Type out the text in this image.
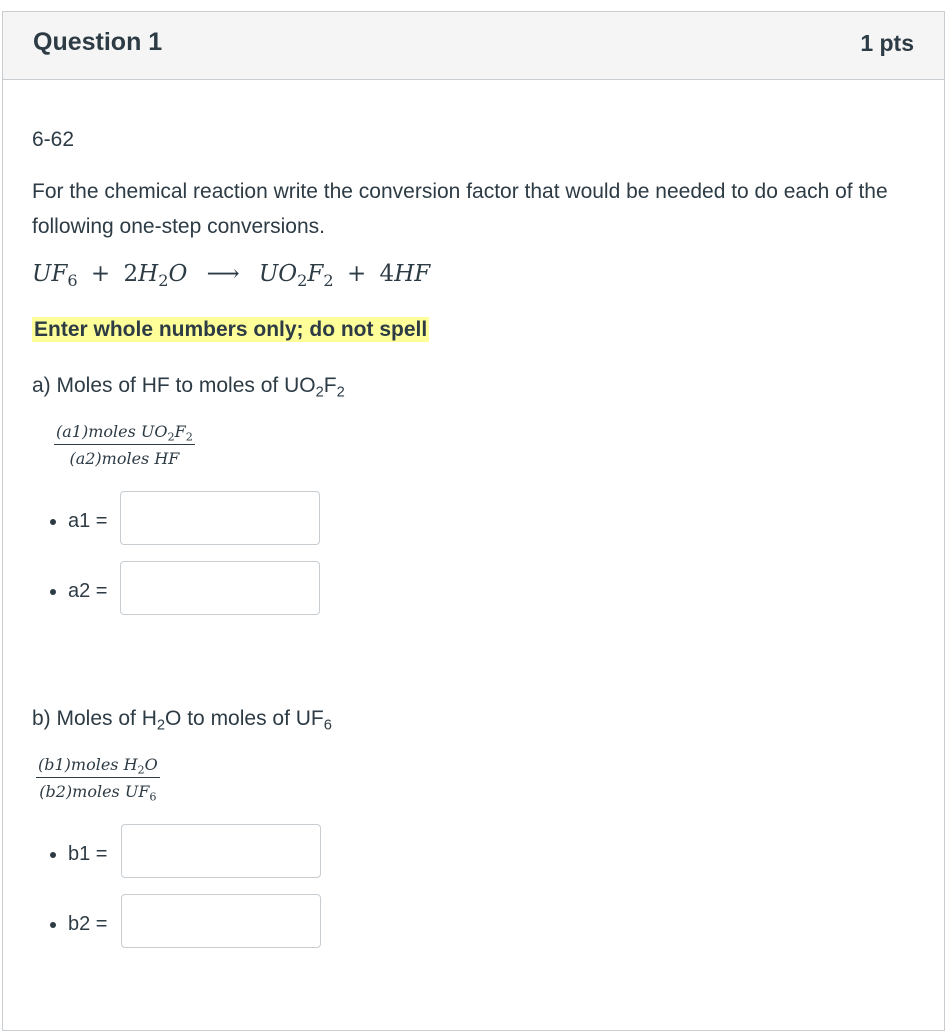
Question 1	1 pts
6-62
For the chemical reaction write the conversion factor that would be needed to do each of the following one-step conversions.
$UF_6 + 2H_2O$ ⟶ $UO_2F_2 + 4HF$
Enter whole numbers only; do not spell
a) Moles of HF to moles of $UO_2F_2$
$\frac{(a1)moles UO_2F_2}{\text{(a2)moles HF}}$
a1 =
a2 =
b) Moles of $H_2O$ to moles of $UF_6$
$\frac{(b1)moles H_2O}{(b2)moles UF_6}$
b1 =
b2 =
